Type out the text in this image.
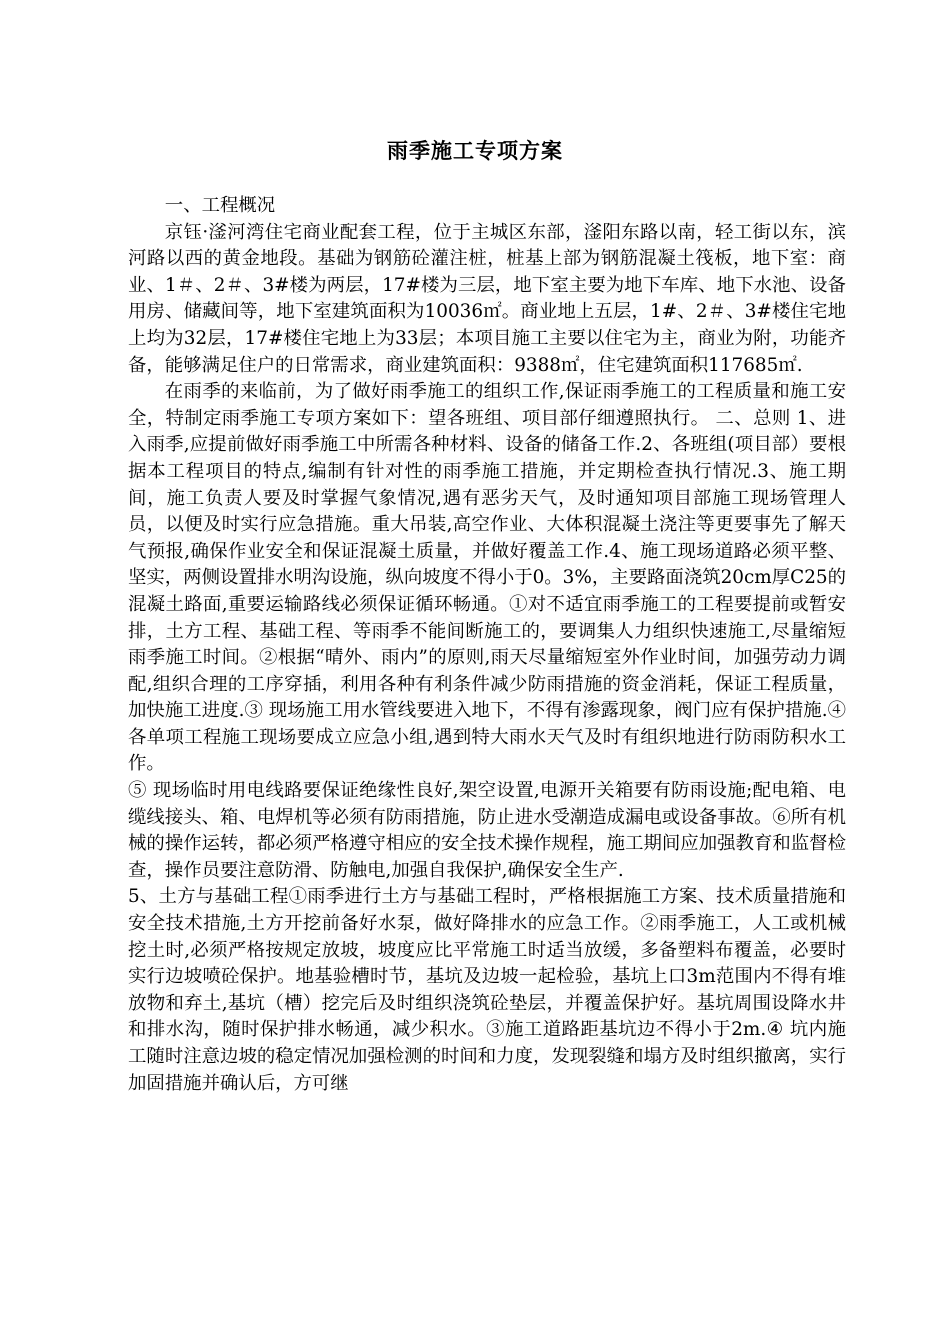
雨季施工专项方案

一、工程概况

京钰·滏河湾住宅商业配套工程，位于主城区东部，滏阳东路以南，轻工街以东，滨河路以西的黄金地段。基础为钢筋砼灌注桩，桩基上部为钢筋混凝土筏板，地下室：商业、1＃、2＃、3#楼为两层，17#楼为三层，地下室主要为地下车库、地下水池、设备用房、储藏间等，地下室建筑面积为10036㎡。商业地上五层，1#、2＃、3#楼住宅地上均为32层，17#楼住宅地上为33层；本项目施工主要以住宅为主，商业为附，功能齐备，能够满足住户的日常需求，商业建筑面积：9388㎡，住宅建筑面积117685㎡.

在雨季的来临前，为了做好雨季施工的组织工作,保证雨季施工的工程质量和施工安全，特制定雨季施工专项方案如下：望各班组、项目部仔细遵照执行。 二、总则 1、进入雨季,应提前做好雨季施工中所需各种材料、设备的储备工作.2、各班组(项目部）要根据本工程项目的特点,编制有针对性的雨季施工措施，并定期检查执行情况.3、施工期间，施工负责人要及时掌握气象情况,遇有恶劣天气，及时通知项目部施工现场管理人员，以便及时实行应急措施。重大吊装,高空作业、大体积混凝土浇注等更要事先了解天气预报,确保作业安全和保证混凝土质量，并做好覆盖工作.4、施工现场道路必须平整、坚实，两侧设置排水明沟设施，纵向坡度不得小于0。3%，主要路面浇筑20cm厚C25的混凝土路面,重要运输路线必须保证循环畅通。①对不适宜雨季施工的工程要提前或暂安排，土方工程、基础工程、等雨季不能间断施工的，要调集人力组织快速施工,尽量缩短雨季施工时间。②根据“晴外、雨内”的原则,雨天尽量缩短室外作业时间，加强劳动力调配,组织合理的工序穿插，利用各种有利条件减少防雨措施的资金消耗，保证工程质量，加快施工进度.③ 现场施工用水管线要进入地下，不得有渗露现象，阀门应有保护措施.④ 各单项工程施工现场要成立应急小组,遇到特大雨水天气及时有组织地进行防雨防积水工作。

⑤ 现场临时用电线路要保证绝缘性良好,架空设置,电源开关箱要有防雨设施;配电箱、电缆线接头、箱、电焊机等必须有防雨措施，防止进水受潮造成漏电或设备事故。⑥所有机械的操作运转，都必须严格遵守相应的安全技术操作规程，施工期间应加强教育和监督检查，操作员要注意防滑、防触电,加强自我保护,确保安全生产.

5、土方与基础工程①雨季进行土方与基础工程时，严格根据施工方案、技术质量措施和安全技术措施,土方开挖前备好水泵，做好降排水的应急工作。②雨季施工，人工或机械挖土时,必须严格按规定放坡，坡度应比平常施工时适当放缓，多备塑料布覆盖，必要时实行边坡喷砼保护。地基验槽时节，基坑及边坡一起检验，基坑上口3m范围内不得有堆放物和弃土,基坑（槽）挖完后及时组织浇筑砼垫层，并覆盖保护好。基坑周围设降水井和排水沟，随时保护排水畅通，减少积水。③施工道路距基坑边不得小于2m.④ 坑内施工随时注意边坡的稳定情况加强检测的时间和力度，发现裂缝和塌方及时组织撤离，实行加固措施并确认后，方可继
